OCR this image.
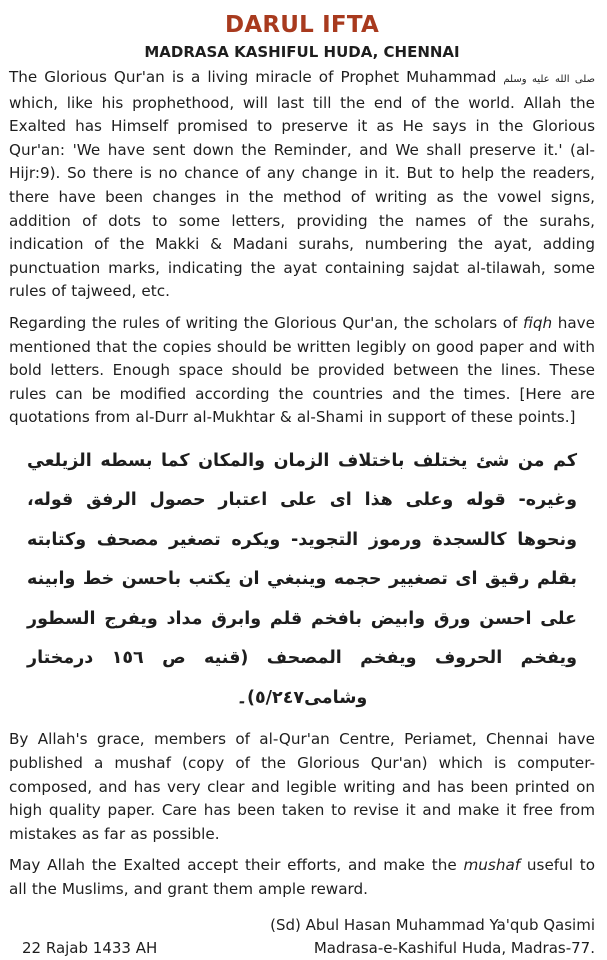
DARUL IFTA
MADRASA KASHIFUL HUDA, CHENNAI

The Glorious Qur'an is a living miracle of Prophet Muhammad صلى الله عليه وسلم which, like his prophethood, will last till the end of the world. Allah the Exalted has Himself promised to preserve it as He says in the Glorious Qur'an: 'We have sent down the Reminder, and We shall preserve it.' (al-Hijr:9). So there is no chance of any change in it. But to help the readers, there have been changes in the method of writing as the vowel signs, addition of dots to some letters, providing the names of the surahs, indication of the Makki & Madani surahs, numbering the ayat, adding punctuation marks, indicating the ayat containing sajdat al-tilawah, some rules of tajweed, etc.

Regarding the rules of writing the Glorious Qur'an, the scholars of fiqh have mentioned that the copies should be written legibly on good paper and with bold letters. Enough space should be provided between the lines. These rules can be modified according the countries and the times. [Here are quotations from al-Durr al-Mukhtar & al-Shami in support of these points.]

كم من شئ يختلف باختلاف الزمان والمكان كما بسطه الزيلعي وغيره- قوله وعلى هذا اى على اعتبار حصول الرفق قوله، ونحوها كالسجدة ورموز التجويد- ويكره تصغير مصحف وكتابته بقلم رقيق اى تصغيير حجمه وينبغي ان يكتب باحسن خط وابينه على احسن ورق وابيض بافخم قلم وابرق مداد ويفرج السطور ويفخم الحروف ويفخم المصحف (قنيه ص ١٥٦ درمختار وشامى٥/٢٤٧)۔

By Allah's grace, members of al-Qur'an Centre, Periamet, Chennai have published a mushaf (copy of the Glorious Qur'an) which is computer-composed, and has very clear and legible writing and has been printed on high quality paper. Care has been taken to revise it and make it free from mistakes as far as possible.

May Allah the Exalted accept their efforts, and make the mushaf useful to all the Muslims, and grant them ample reward.

(Sd) Abul Hasan Muhammad Ya'qub Qasimi
22 Rajab 1433 AH	Madrasa-e-Kashiful Huda, Madras-77.
